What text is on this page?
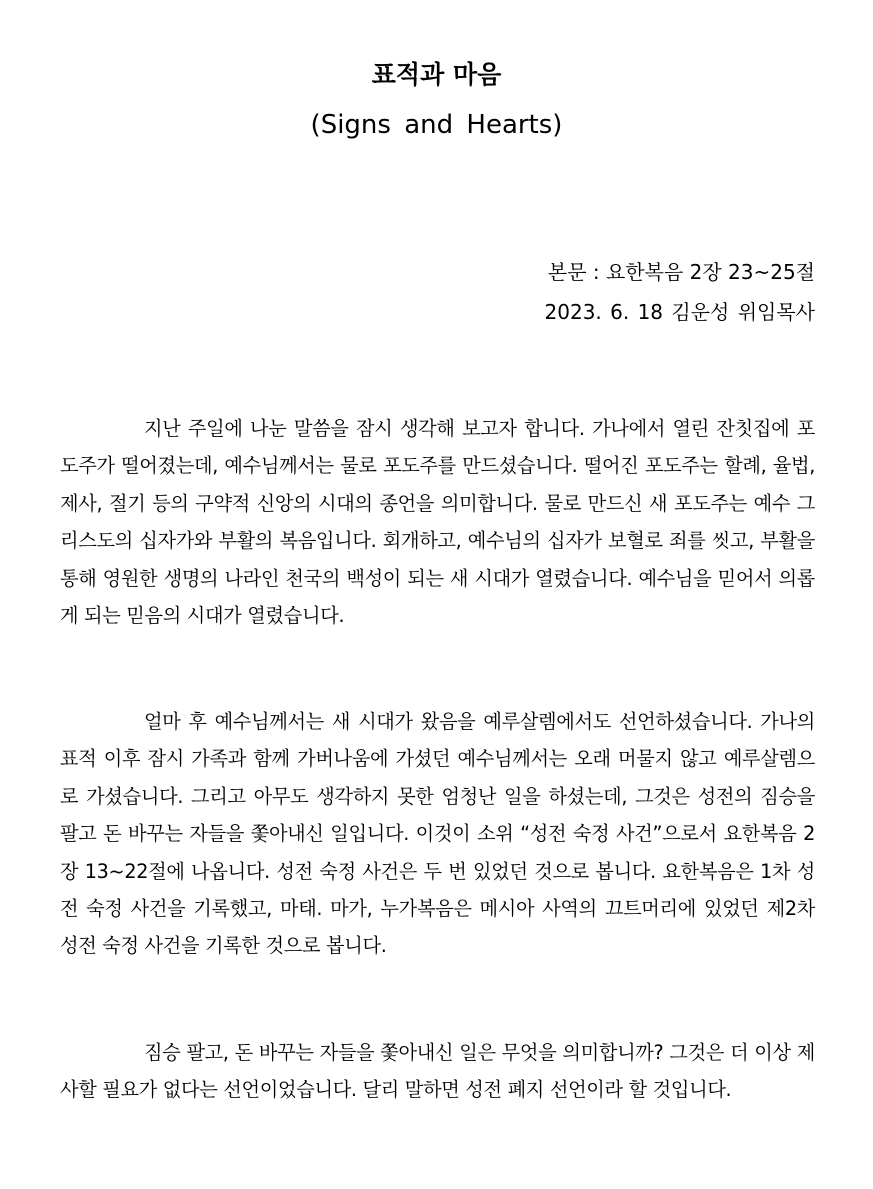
표적과 마음
(Signs and Hearts)
본문 : 요한복음 2장 23~25절
2023. 6. 18 김운성 위임목사

지난 주일에 나눈 말씀을 잠시 생각해 보고자 합니다. 가나에서 열린 잔칫집에 포도주가 떨어졌는데, 예수님께서는 물로 포도주를 만드셨습니다. 떨어진 포도주는 할례, 율법, 제사, 절기 등의 구약적 신앙의 시대의 종언을 의미합니다. 물로 만드신 새 포도주는 예수 그리스도의 십자가와 부활의 복음입니다. 회개하고, 예수님의 십자가 보혈로 죄를 씻고, 부활을 통해 영원한 생명의 나라인 천국의 백성이 되는 새 시대가 열렸습니다. 예수님을 믿어서 의롭게 되는 믿음의 시대가 열렸습니다.

얼마 후 예수님께서는 새 시대가 왔음을 예루살렘에서도 선언하셨습니다. 가나의 표적 이후 잠시 가족과 함께 가버나움에 가셨던 예수님께서는 오래 머물지 않고 예루살렘으로 가셨습니다. 그리고 아무도 생각하지 못한 엄청난 일을 하셨는데, 그것은 성전의 짐승을 팔고 돈 바꾸는 자들을 쫓아내신 일입니다. 이것이 소위 “성전 숙정 사건”으로서 요한복음 2장 13~22절에 나옵니다. 성전 숙정 사건은 두 번 있었던 것으로 봅니다. 요한복음은 1차 성전 숙정 사건을 기록했고, 마태. 마가, 누가복음은 메시아 사역의 끄트머리에 있었던 제2차 성전 숙정 사건을 기록한 것으로 봅니다.

짐승 팔고, 돈 바꾸는 자들을 쫓아내신 일은 무엇을 의미합니까? 그것은 더 이상 제사할 필요가 없다는 선언이었습니다. 달리 말하면 성전 폐지 선언이라 할 것입니다.
